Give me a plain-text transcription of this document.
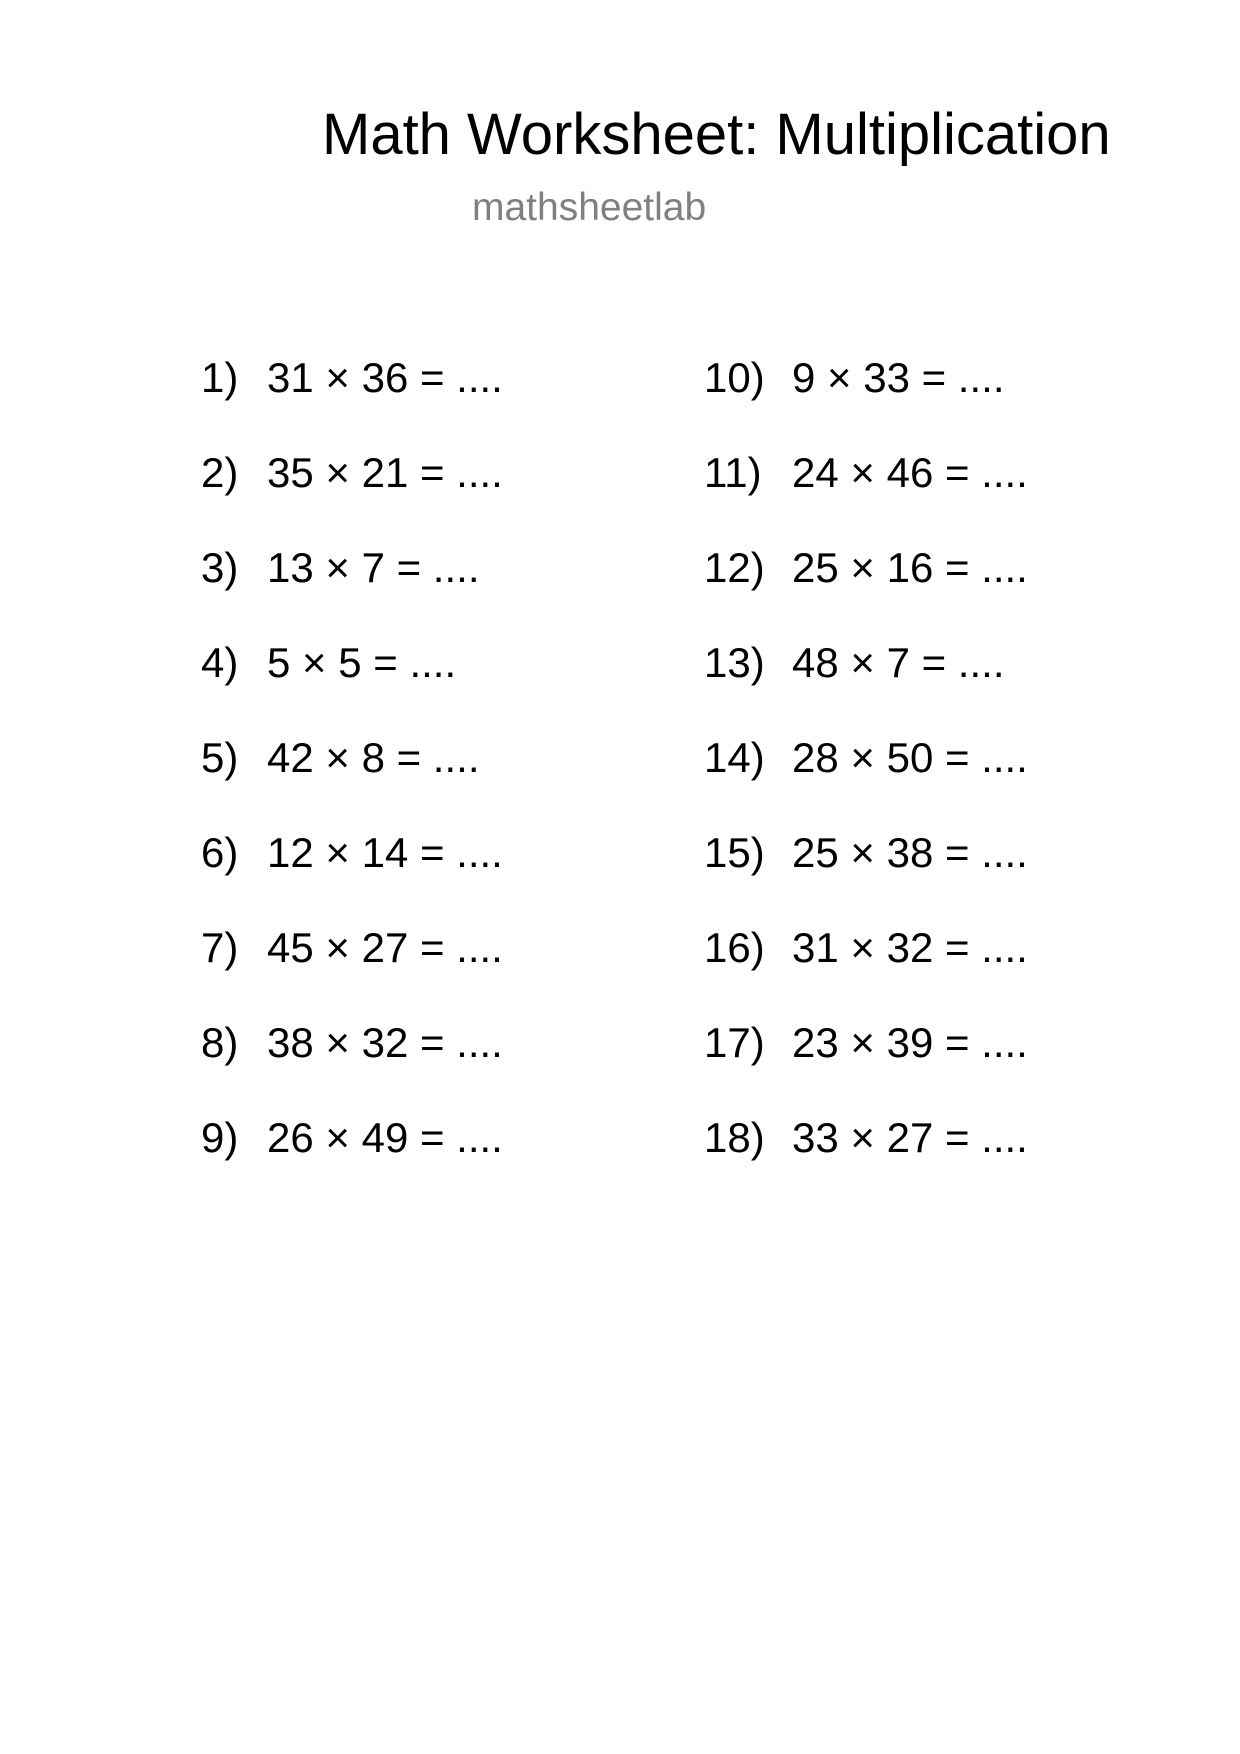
Math Worksheet: Multiplication
mathsheetlab
1) 31 × 36 = ....
2) 35 × 21 = ....
3) 13 × 7 = ....
4) 5 × 5 = ....
5) 42 × 8 = ....
6) 12 × 14 = ....
7) 45 × 27 = ....
8) 38 × 32 = ....
9) 26 × 49 = ....
10) 9 × 33 = ....
11) 24 × 46 = ....
12) 25 × 16 = ....
13) 48 × 7 = ....
14) 28 × 50 = ....
15) 25 × 38 = ....
16) 31 × 32 = ....
17) 23 × 39 = ....
18) 33 × 27 = ....
